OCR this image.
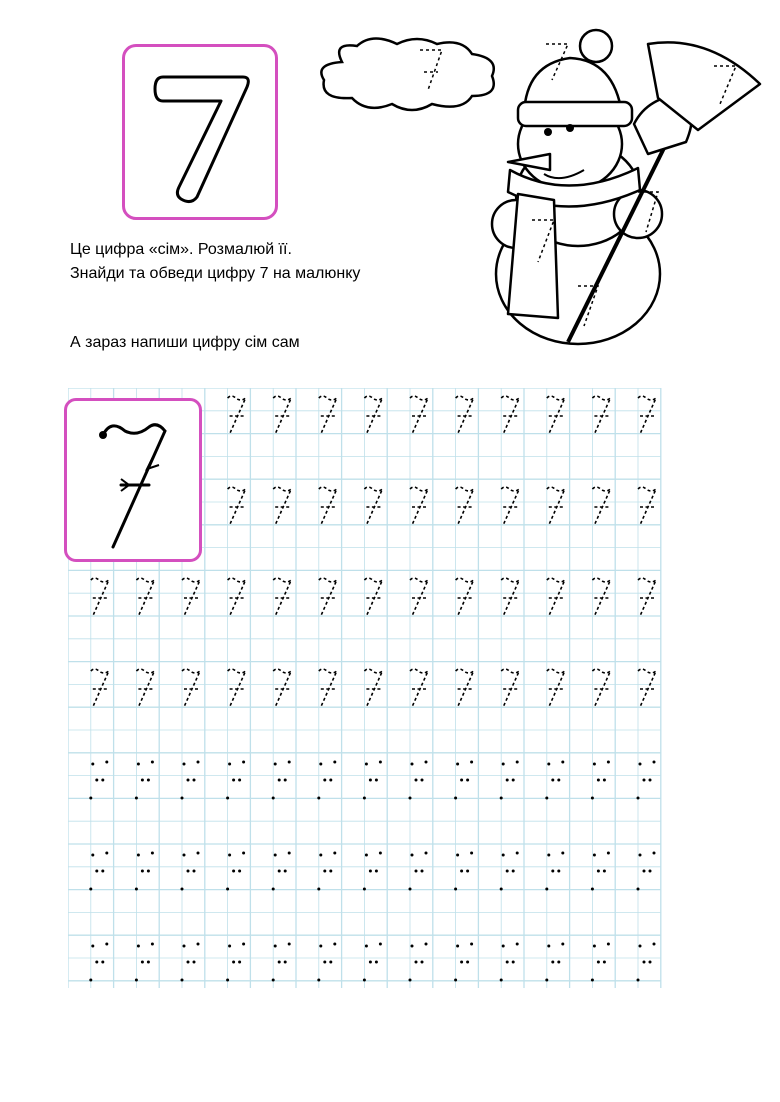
Це цифра «сім». Розмалюй її.
Знайди та обведи цифру 7 на малюнку
А зараз напиши цифру сім сам
